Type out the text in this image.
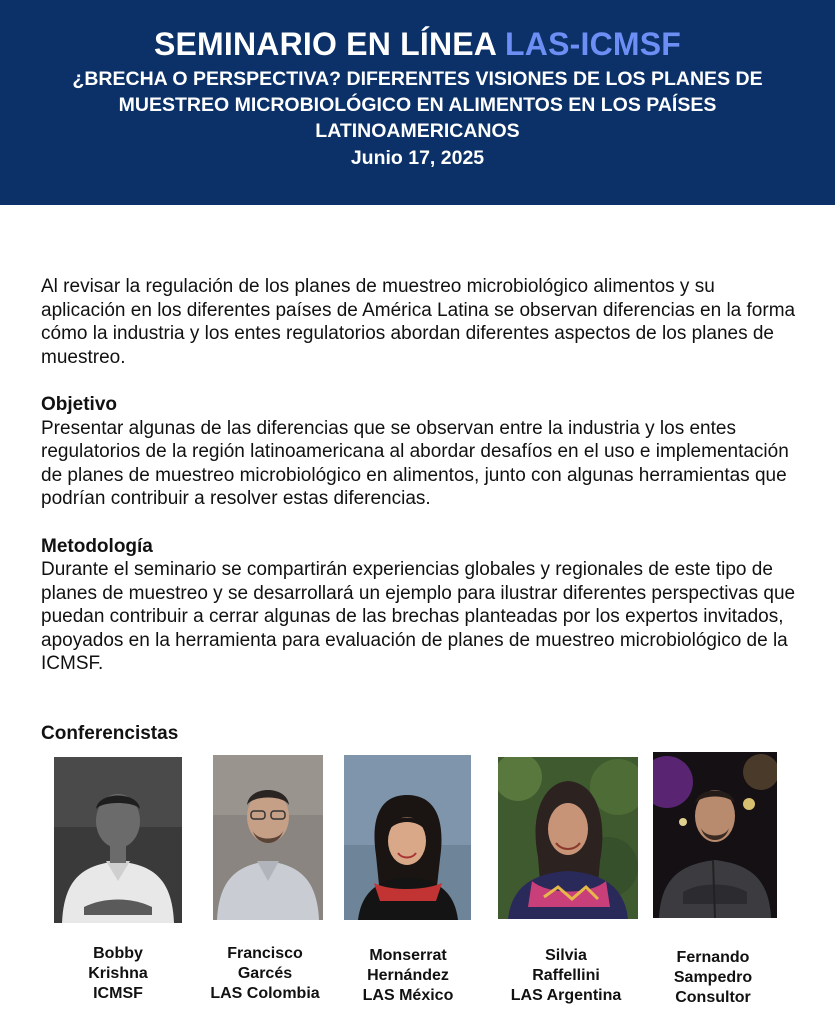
SEMINARIO EN LÍNEA LAS-ICMSF
¿BRECHA O PERSPECTIVA? DIFERENTES VISIONES DE LOS PLANES DE MUESTREO MICROBIOLÓGICO EN ALIMENTOS EN LOS PAÍSES LATINOAMERICANOS
Junio 17, 2025

Al revisar la regulación de los planes de muestreo microbiológico alimentos y su aplicación en los diferentes países de América Latina se observan diferencias en la forma cómo la industria y los entes regulatorios abordan diferentes aspectos de los planes de muestreo.

Objetivo

Presentar algunas de las diferencias que se observan entre la industria y los entes regulatorios de la región latinoamericana al abordar desafíos en el uso e implementación de planes de muestreo microbiológico en alimentos, junto con algunas herramientas que podrían contribuir a resolver estas diferencias.

Metodología

Durante el seminario se compartirán experiencias globales y regionales de este tipo de planes de muestreo y se desarrollará un ejemplo para ilustrar diferentes perspectivas que puedan contribuir a cerrar algunas de las brechas planteadas por los expertos invitados, apoyados en la herramienta para evaluación de planes de muestreo microbiológico de la ICMSF.

Conferencistas
Bobby
Krishna
ICMSF
Francisco
Garcés
LAS Colombia
Monserrat
Hernández
LAS México
Silvia
Raffellini
LAS Argentina
Fernando
Sampedro
Consultor
